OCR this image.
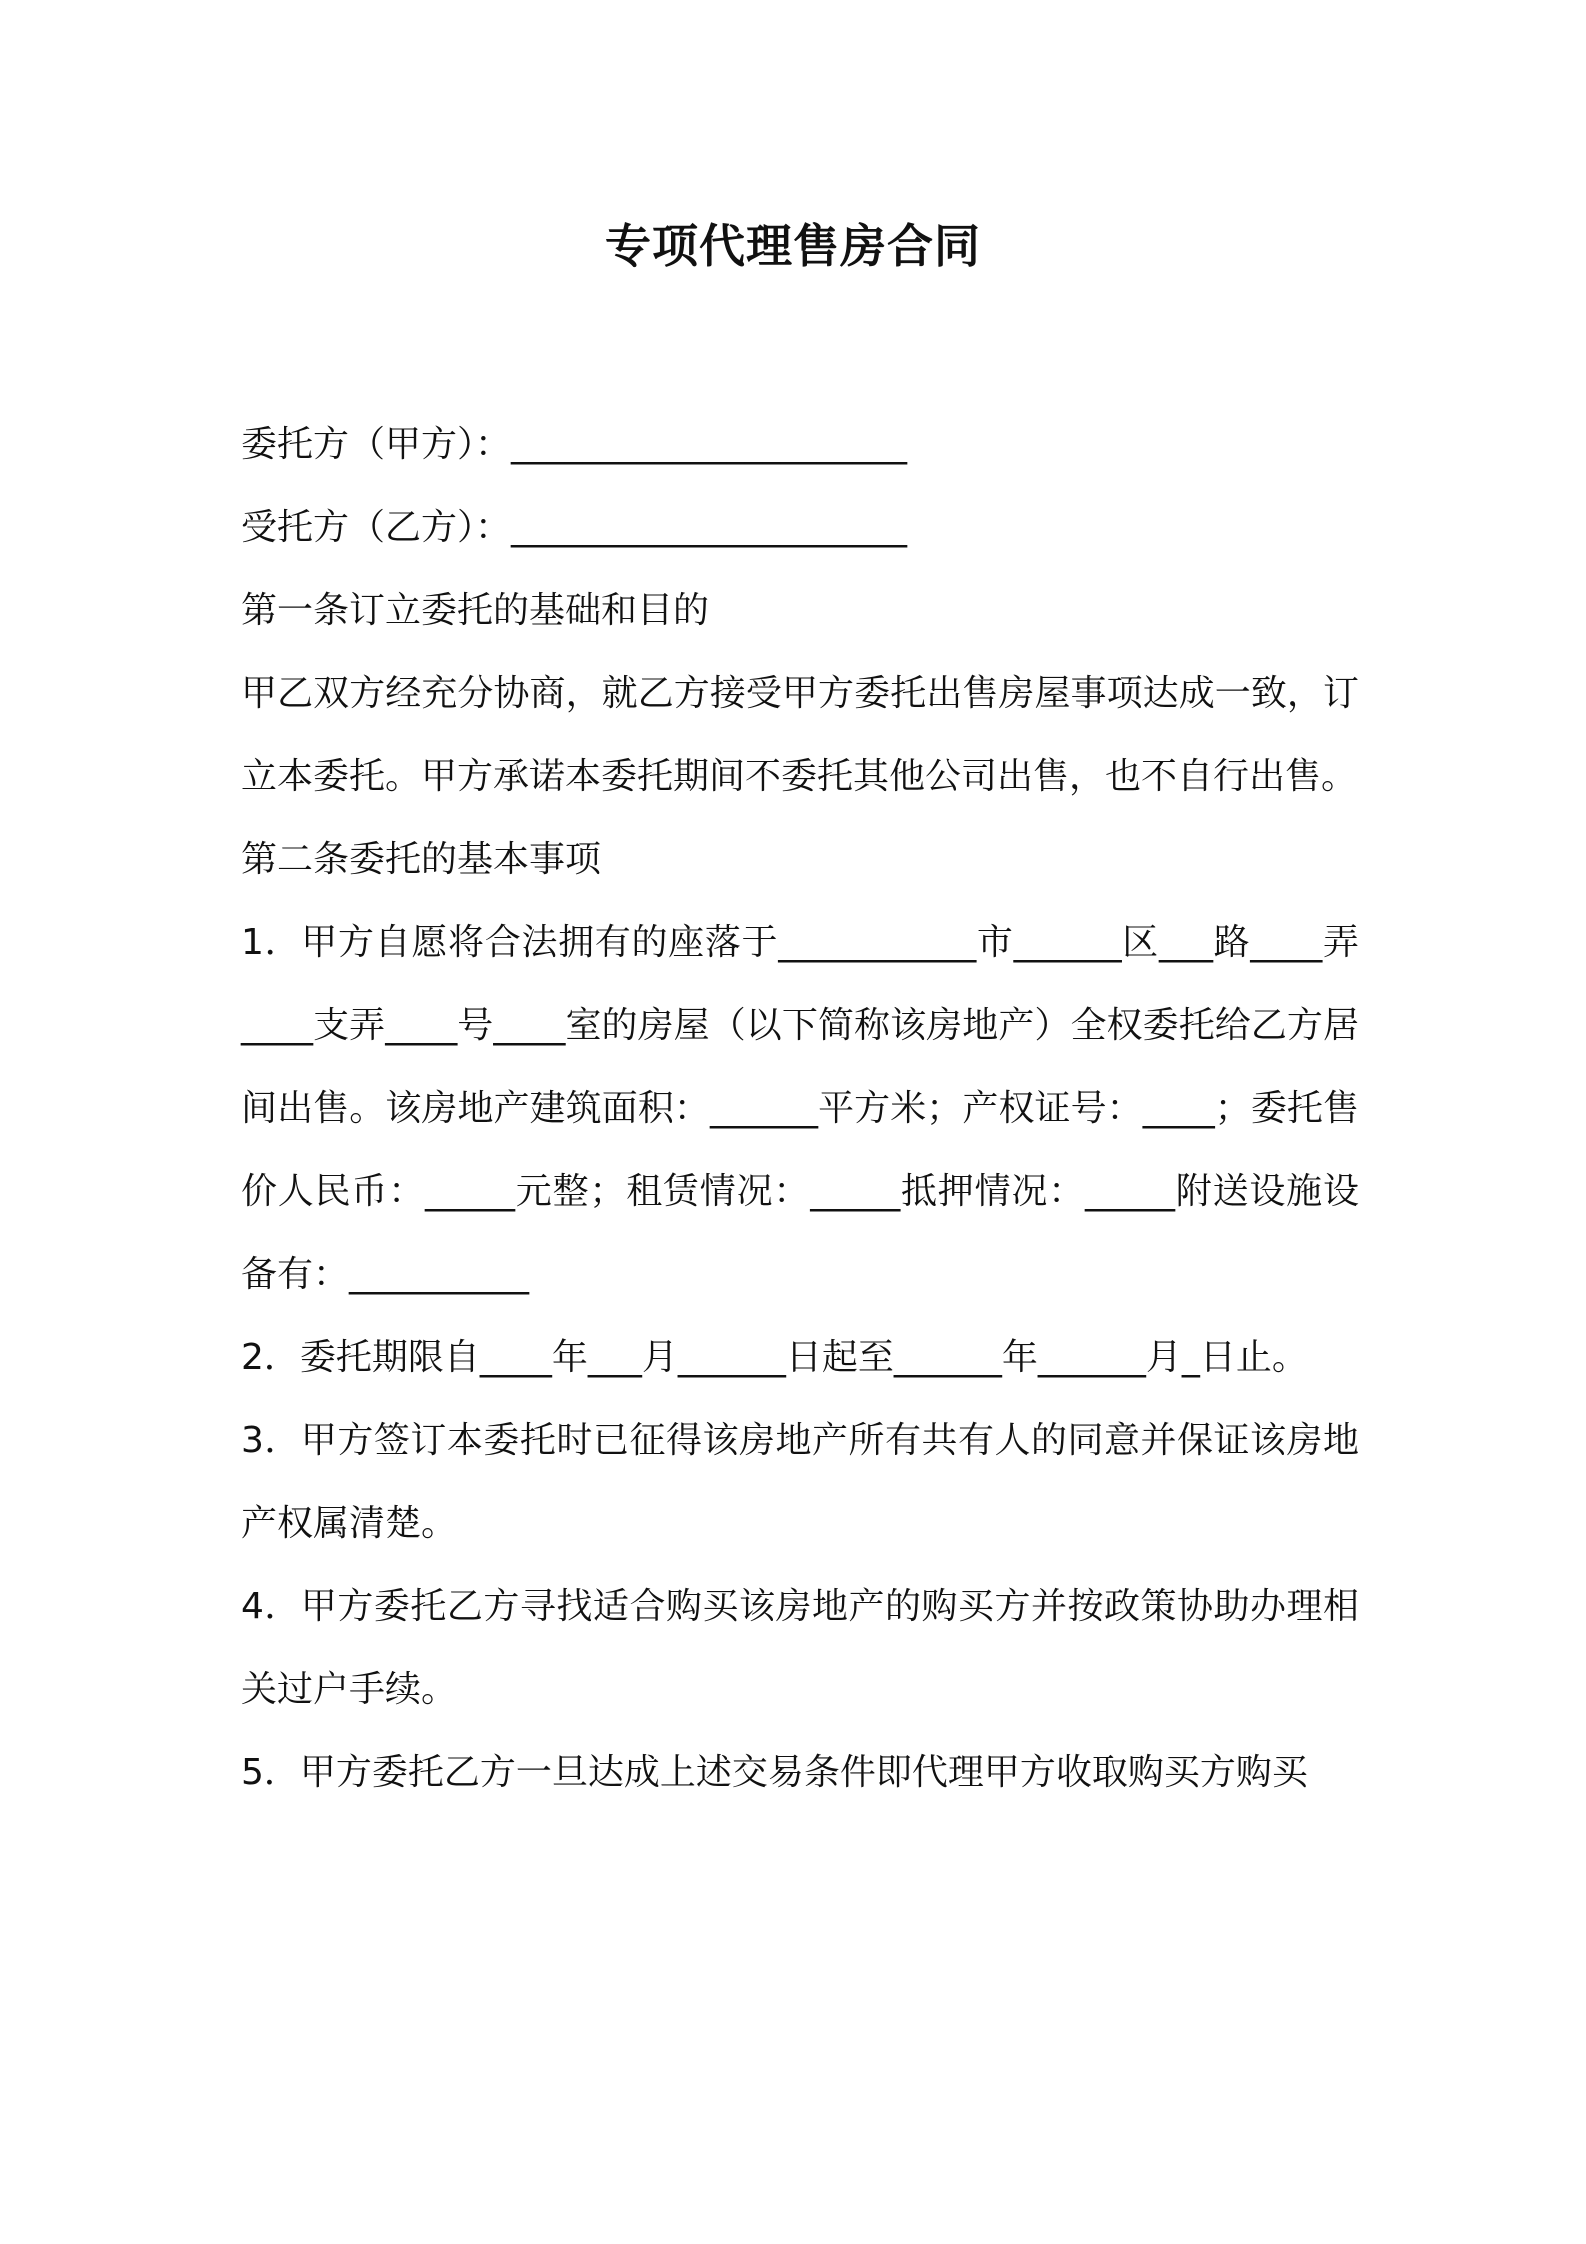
专项代理售房合同

委托方（甲方）：______________________

受托方（乙方）：______________________

第一条订立委托的基础和目的

甲乙双方经充分协商，就乙方接受甲方委托出售房屋事项达成一致，订立本委托。甲方承诺本委托期间不委托其他公司出售，也不自行出售。

第二条委托的基本事项

1．甲方自愿将合法拥有的座落于___________市______区___路____弄____支弄____号____室的房屋（以下简称该房地产）全权委托给乙方居间出售。该房地产建筑面积：______平方米；产权证号：____；委托售价人民币：_____元整；租赁情况：_____抵押情况：_____附送设施设备有：__________

2．委托期限自____年___月______日起至______年______月_日止。

3．甲方签订本委托时已征得该房地产所有共有人的同意并保证该房地产权属清楚。

4．甲方委托乙方寻找适合购买该房地产的购买方并按政策协助办理相关过户手续。

5．甲方委托乙方一旦达成上述交易条件即代理甲方收取购买方购买
